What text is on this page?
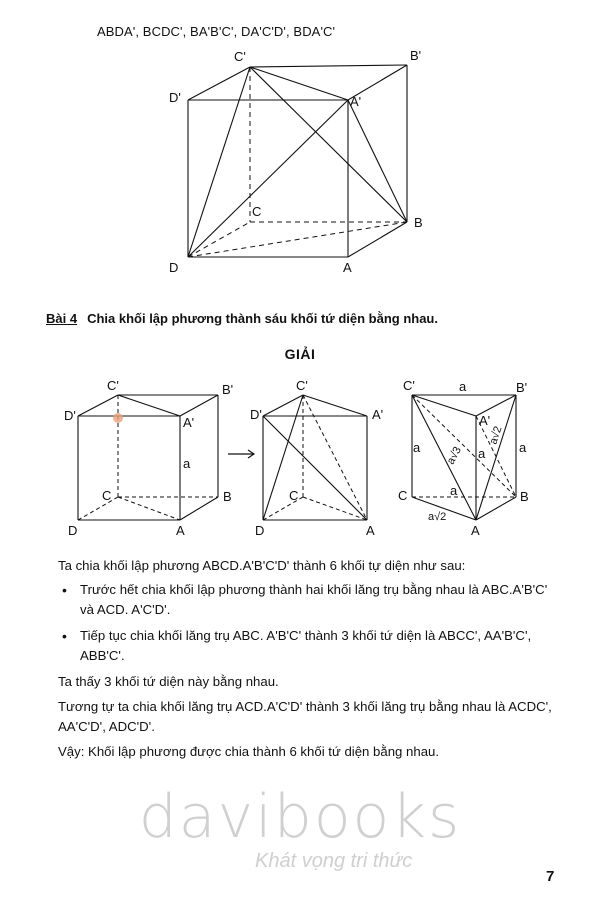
ABDA', BCDC', BA'B'C', DA'C'D', BDA'C'
C'	B'
D'	A'
C
B
D	A
Bài 4 Chia khối lập phương thành sáu khối tứ diện bằng nhau.
GIẢI
C'	B'
D'	A'
a
C	B
D	A
C'
D'	A'
C
D	A
C'	B'
A'
C	B
A
a
a	a
a
a
a√3
a√2
a√2

Ta chia khối lập phương ABCD.A'B'C'D' thành 6 khối tự diện như sau:

• Trước hết chia khối lập phương thành hai khối lăng trụ bằng nhau là ABC.A'B'C' và ACD. A'C'D'.

• Tiếp tục chia khối lăng trụ ABC. A'B'C' thành 3 khối tứ diện là ABCC', AA'B'C', ABB'C'.

Ta thấy 3 khối tứ diện này bằng nhau.

Tương tự ta chia khối lăng trụ ACD.A'C'D' thành 3 khối lăng trụ bằng nhau là ACDC', AA'C'D', ADC'D'.

Vậy: Khối lập phương được chia thành 6 khối tứ diện bằng nhau.

davibooks
Khát vọng tri thức
7
